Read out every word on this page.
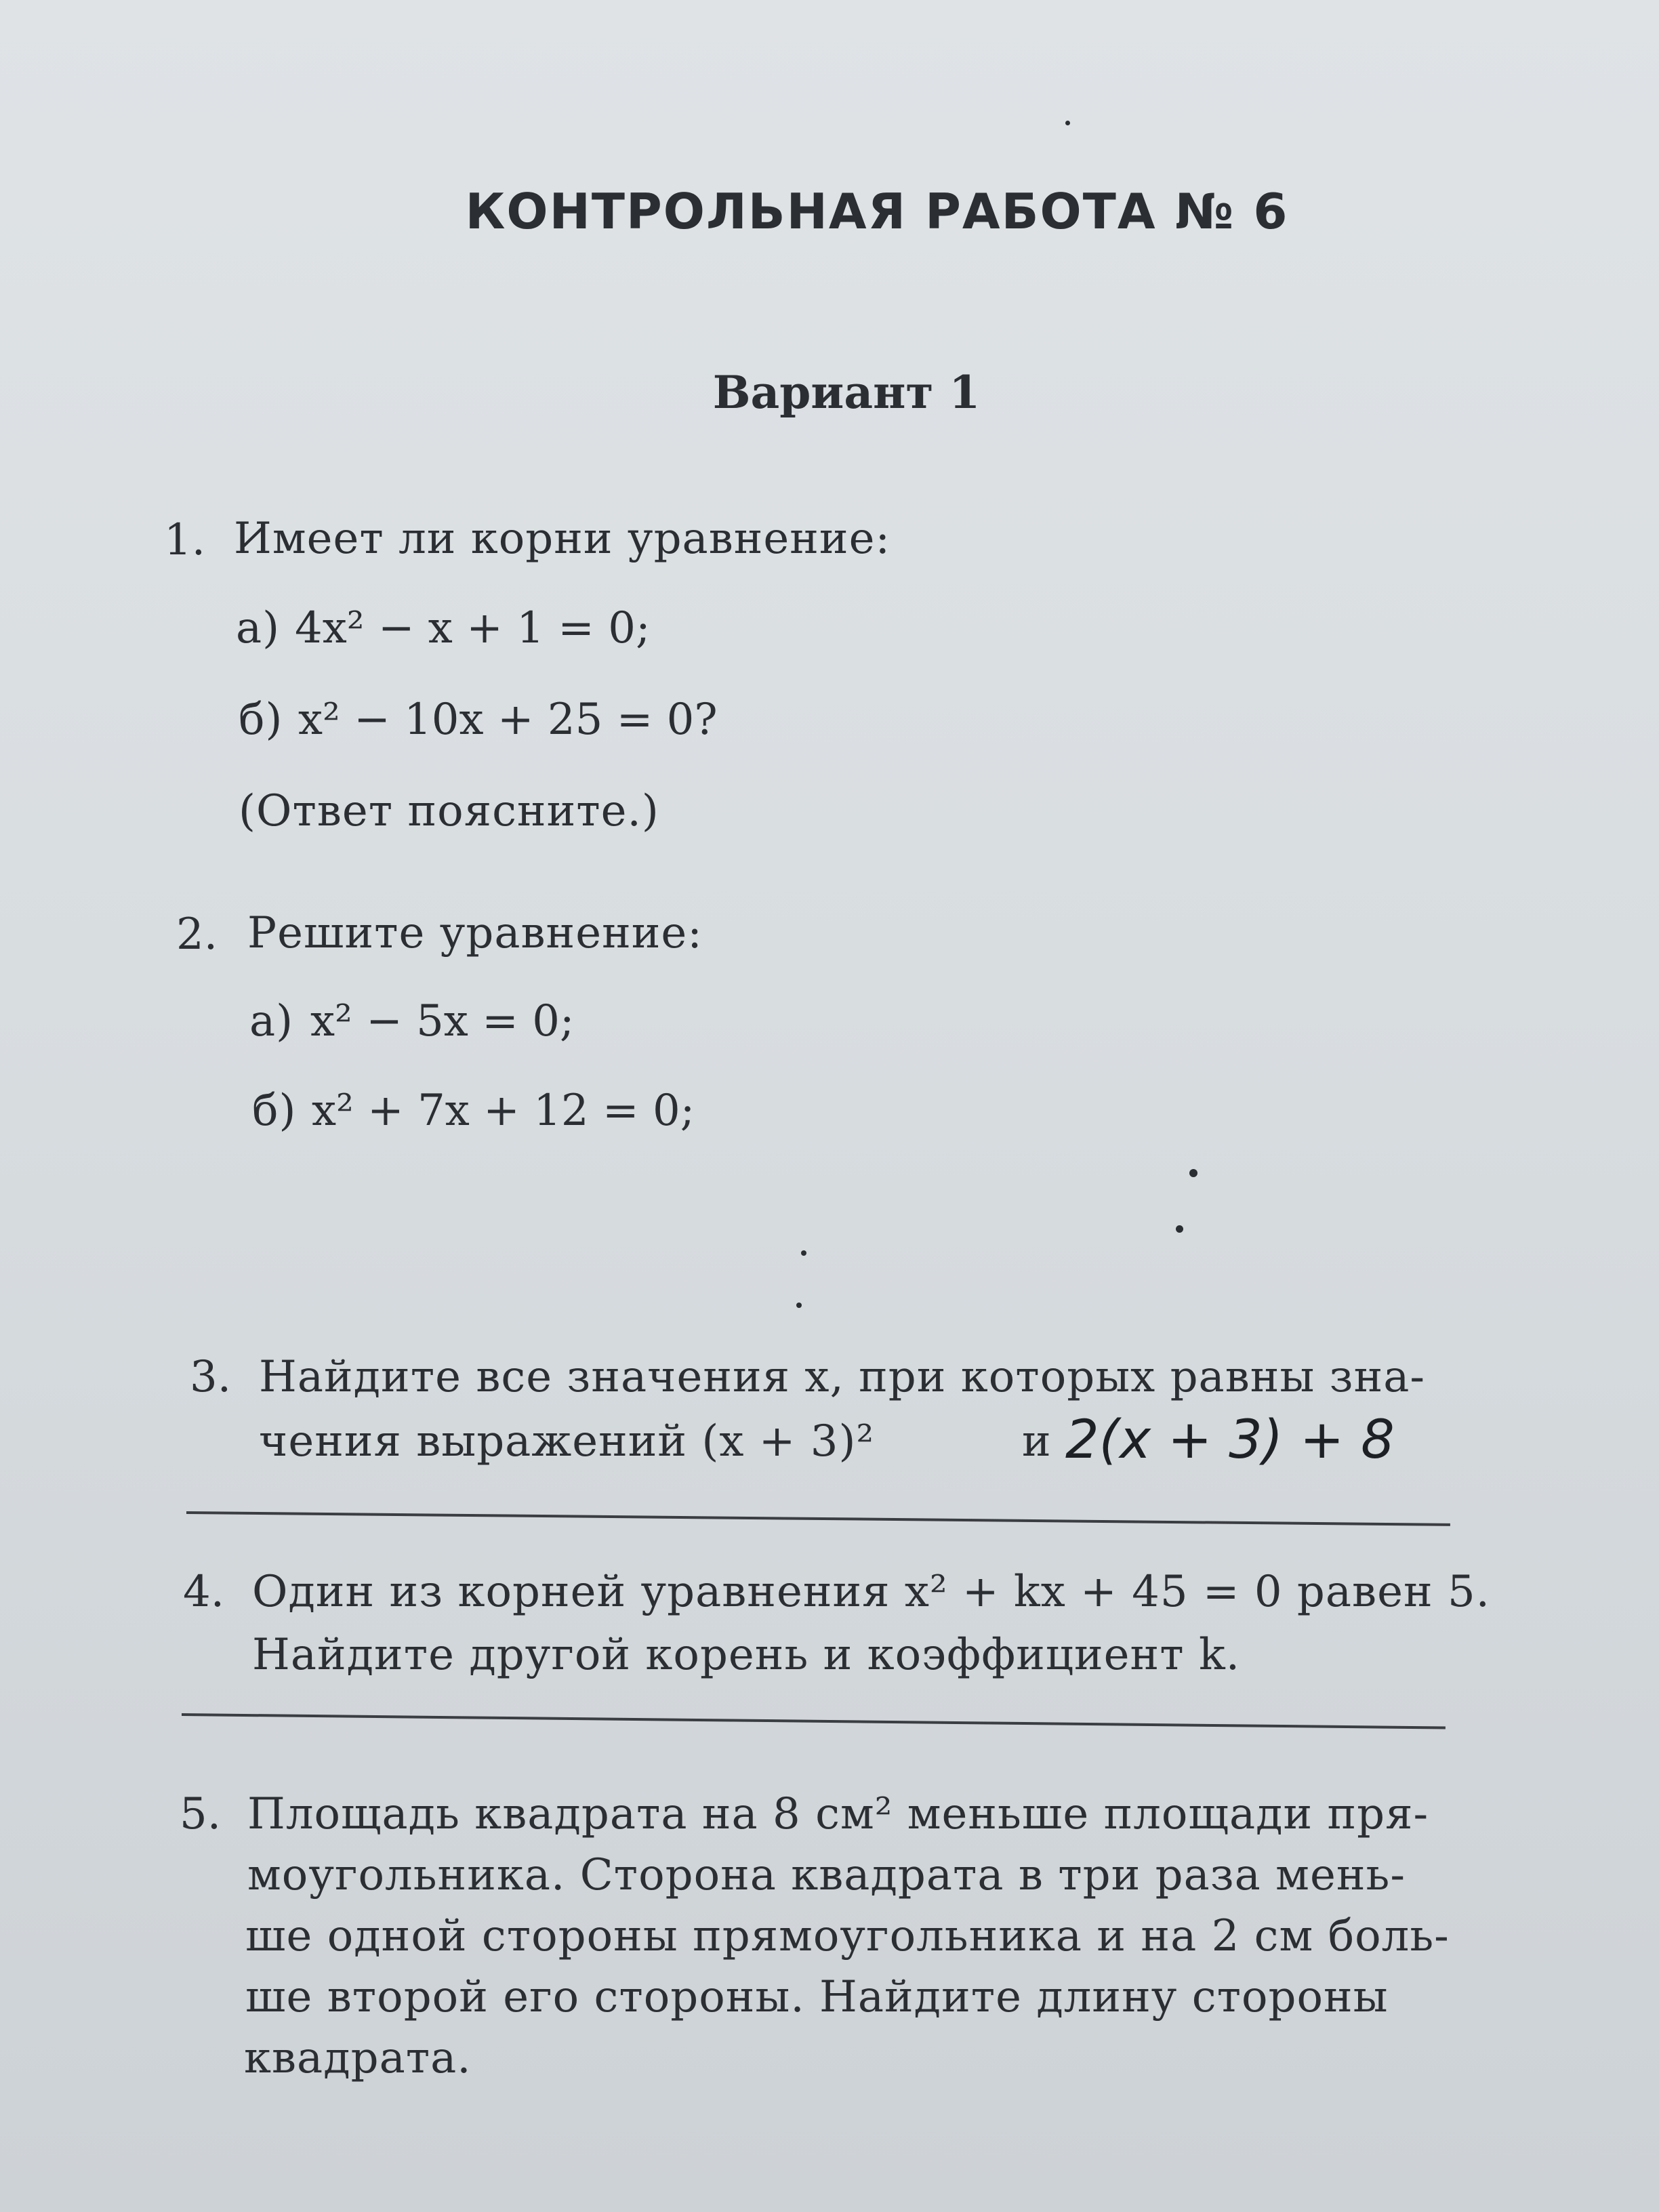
КОНТРОЛЬНАЯ РАБОТА № 6
Вариант 1
1. Имеет ли корни уравнение:
а) 4x² − x + 1 = 0;
б) x² − 10x + 25 = 0?
(Ответ поясните.)
2. Решите уравнение:
а) x² − 5x = 0;
б) x² + 7x + 12 = 0;
3. Найдите все значения x, при которых равны зна-
чения выражений (x + 3)²	и 2(x + 3) + 8
4. Один из корней уравнения x² + kx + 45 = 0 равен 5.
Найдите другой корень и коэффициент k.
5. Площадь квадрата на 8 см² меньше площади пря-
моугольника. Сторона квадрата в три раза мень-
ше одной стороны прямоугольника и на 2 см боль-
ше второй его стороны. Найдите длину стороны
квадрата.
